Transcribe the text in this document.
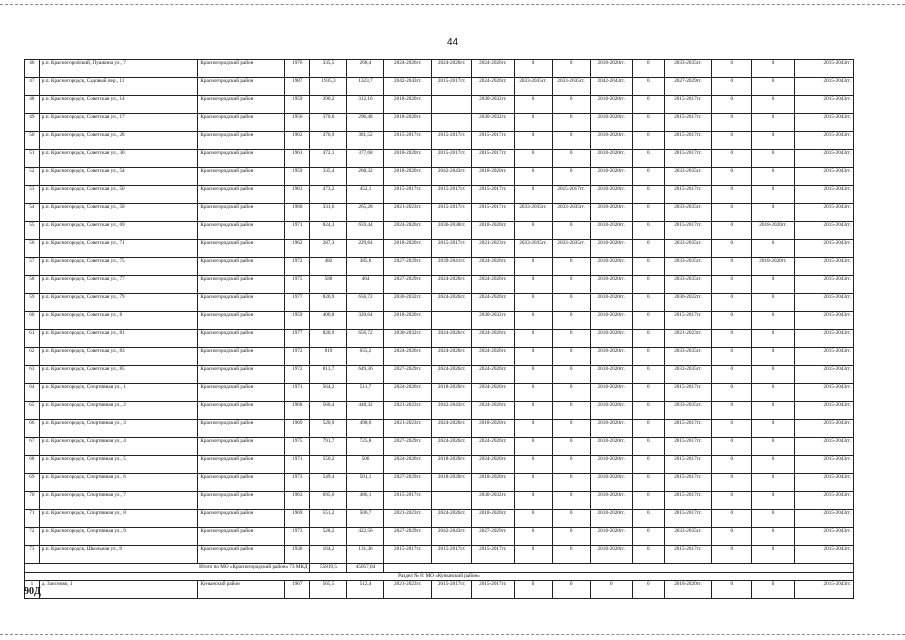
44
46	р.п. Красногорodский, Пушкина ул., 7	Красногородский район	1976	335,5	268,4	2024-2026гг.	2024-2026гг.	2024-2026гг.	0	0	2018-2020гг.	0	2033-2035гг.	0	0	2015-2043гг.
47	р.п. Красногородск, Садовый пер., 11	Красногородский район	1987	1935,3	1323,7	2042-2043гг.	2015-2017гг.	2024-2026гг.	2033-2035гг.	2033-2035гг.	2042-2043гг.	0	2027-2029гг.	0	0	2015-2043гг.
48	р.п. Красногородск, Советская ул., 14	Красногородский район	1959	390,2	312,16	2018-2020гг.		2030-2032гг.	0	0	2018-2020гг.	0	2015-2017гг.	0	0	2015-2043гг.
49	р.п. Красногородск, Советская ул., 17	Красногородский район	1956	370,6	296,48	2018-2020гг.		2030-2032гг.	0	0	2018-2020гг.	0	2015-2017гг.	0	0	2015-2043гг.
50	р.п. Красногородск, Советская ул., 28	Красногородский район	1962	476,9	381,52	2015-2017гг.	2015-2017гг.	2015-2017гг.	0	0	2018-2020гг.	0	2015-2017гг.	0	0	2015-2043гг.
51	р.п. Красногородск, Советская ул., 30	Красногородский район	1961	472,1	377,68	2018-2020гг.	2015-2017гг.	2015-2017гг.	0	0	2018-2020гг.	0	2015-2017гг.	0	0	2015-2043гг.
52	р.п. Красногородск, Советская ул., 54	Красногородский район	1959	335,4	268,32	2018-2020гг.	2042-2043гг.	2018-2020гг.	0	0	2018-2020гг.	0	2033-2035гг.	0	0	2015-2043гг.
53	р.п. Красногородск, Советская ул., 50	Красногородский район	1963	473,2	452,1	2015-2017гг.	2015-2017гг.	2015-2017гг.	0	2015-2017гг.	2018-2020гг.	0	2015-2017гг.	0	0	2015-2043гг.
54	р.п. Красногородск, Советская ул., 58	Красногородский район	1968	331,6	265,28	2021-2023гг.	2015-2017гг.	2015-2017гг.	2033-2035гг.	2033-2035гг.	2018-2020гг.	0	2033-2035гг.	0	0	2015-2043гг.
55	р.п. Красногородск, Советская ул., 69	Красногородский район	1971	824,3	659,44	2024-2026гг.	2036-2038гг.	2018-2020гг.	0	0	2018-2020гг.	0	2015-2017гг.	0	2018-2020гг.	2015-2043гг.
56	р.п. Красногородск, Советская ул., 71	Красногородский район	1962	287,3	229,84	2018-2020гг.	2015-2017гг.	2021-2023гг.	2033-2035гг.	2033-2035гг.	2018-2020гг.	0	2033-2035гг.	0	0	2015-2043гг.
57	р.п. Красногородск, Советская ул., 75	Красногородский район	1972	482	385,6	2027-2029гг.	2039-2041гг.	2024-2026гг.	0	0	2018-2020гг.	0	2033-2035гг.	0	2018-2020гг.	2015-2043гг.
58	р.п. Красногородск, Советская ул., 77	Красногородский район	1975	580	464	2027-2029гг.	2024-2026гг.	2024-2026гг.	0	0	2018-2020гг.	0	2033-2035гг.	0	0	2015-2043гг.
59	р.п. Красногородск, Советская ул., 79	Красногородский район	1977	820,9	656,72	2030-2032гг.	2024-2026гг.	2024-2026гг.	0	0	2018-2020гг.	0	2030-2032гг.	0	0	2015-2043гг.
60	р.п. Красногородск, Советская ул., 8	Красногородский район	1959	400,8	320,64	2018-2020гг.		2030-2032гг.	0	0	2018-2020гг.	0	2015-2017гг.	0	0	2015-2043гг.
61	р.п. Красногородск, Советская ул., 81	Красногородский район	1977	820,9	656,72	2030-2032гг.	2024-2026гг.	2024-2026гг.	0	0	2018-2020гг.	0	2021-2023гг.	0	0	2015-2043гг.
62	р.п. Красногородск, Советская ул., 83	Красногородский район	1972	819	655,2	2024-2026гг.	2024-2026гг.	2024-2026гг.	0	0	2018-2020гг.	0	2033-2035гг.	0	0	2015-2043гг.
63	р.п. Красногородск, Советская ул., 85	Красногородский район	1972	811,7	649,36	2027-2029гг.	2024-2026гг.	2024-2026гг.	0	0	2018-2020гг.	0	2033-2035гг.	0	0	2015-2043гг.
64	р.п. Красногородск, Спортивная ул., 1	Красногородский район	1971	564,2	511,7	2024-2026гг.	2018-2020гг.	2024-2026гг.	0	0	2018-2020гг.	0	2015-2017гг.	0	0	2015-2043гг.
65	р.п. Красногородск, Спортивная ул., 2	Красногородский район	1968	560,4	448,32	2021-2023гг.	2042-2043гг.	2024-2026гг.	0	0	2018-2020гг.	0	2033-2035гг.	0	0	2015-2043гг.
66	р.п. Красногородск, Спортивная ул., 3	Красногородский район	1969	520,9	498,6	2021-2023гг.	2024-2026гг.	2018-2020гг.	0	0	2018-2020гг.	0	2015-2017гг.	0	0	2015-2043гг.
67	р.п. Красногородск, Спортивная ул., 4	Красногородский район	1975	791,7	725,8	2027-2029гг.	2024-2026гг.	2024-2026гг.	0	0	2018-2020гг.	0	2015-2017гг.	0	0	2015-2043гг.
68	р.п. Красногородск, Спортивная ул., 5	Красногородский район	1971	550,2	506	2024-2026гг.	2018-2020гг.	2024-2026гг.	0	0	2018-2020гг.	0	2015-2017гг.	0	0	2015-2043гг.
69	р.п. Красногородск, Спортивная ул., 6	Красногородский район	1973	549,4	501,1	2027-2029гг.	2018-2020гг.	2018-2020гг.	0	0	2018-2020гг.	0	2015-2017гг.	0	0	2015-2043гг.
70	р.п. Красногородск, Спортивная ул., 7	Красногородский район	1963	695,6	486,1	2015-2017гг.		2030-2032гг.	0	0	2018-2020гг.	0	2015-2017гг.	0	0	2015-2043гг.
71	р.п. Красногородск, Спортивная ул., 8	Красногородский район	1969	551,2	506,7	2021-2023гг.	2024-2026гг.	2018-2020гг.	0	0	2018-2020гг.	0	2015-2017гг.	0	0	2015-2043гг.
72	р.п. Красногородск, Спортивная ул., 9	Красногородский район	1973	528,2	422,56	2027-2029гг.	2042-2043гг.	2027-2029гг.	0	0	2018-2020гг.	0	2033-2035гг.	0	0	2015-2043гг.
73	р.п. Красногородск, Школьная ул., 8	Красногородский район	1930	164,2	131,36	2015-2017гг.	2015-2017гг.	2015-2017гг.	0	0	2018-2020гг.	0	2015-2017гг.	0	0	2015-2043гг.
Итого по МО «Красногородский район» 73 МКД				55819,5	45057,04											
Раздел № 8: МО «Кунынский район»																
1	д. Заосново, 1	Кунынский район	1967	565,5	512,4	2021-2023гг.	2015-2017гг.	2015-2017гг.	0	0	0	0	2018-2020гг.	0	0	2015-2043гг.
90Д
